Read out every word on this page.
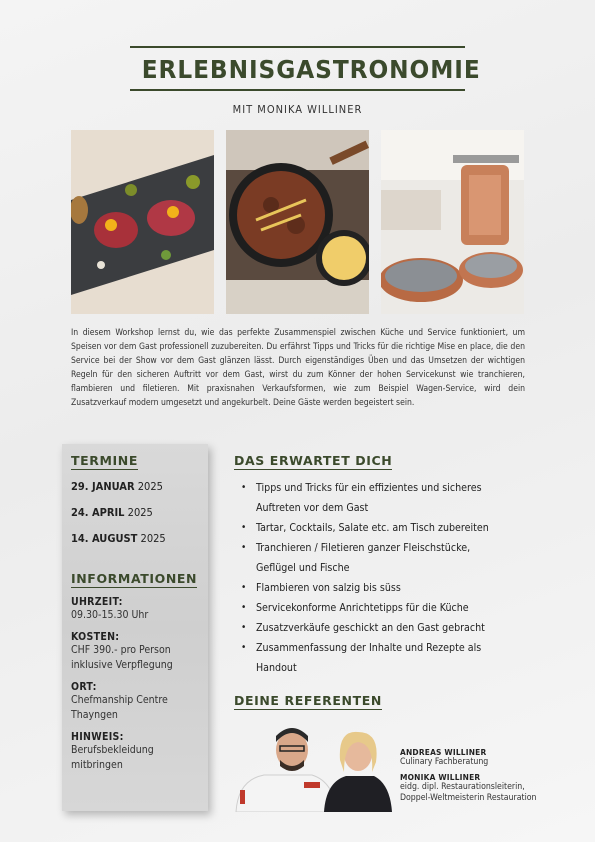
ERLEBNISGASTRONOMIE
MIT MONIKA WILLINER
In diesem Workshop lernst du, wie das perfekte Zusammenspiel zwischen Küche und Service funktioniert, um Speisen vor dem Gast professionell zuzubereiten. Du erfährst Tipps und Tricks für die richtige Mise en place, die den Service bei der Show vor dem Gast glänzen lässt. Durch eigenständiges Üben und das Umsetzen der wichtigen Regeln für den sicheren Auftritt vor dem Gast, wirst du zum Könner der hohen Servicekunst wie tranchieren, flambieren und filetieren. Mit praxisnahen Verkaufsformen, wie zum Beispiel Wagen-Service, wird dein Zusatzverkauf modern umgesetzt und angekurbelt. Deine Gäste werden begeistert sein.
TERMINE
29. JANUAR 2025
24. APRIL 2025
14. AUGUST 2025
INFORMATIONEN
UHRZEIT:
09.30-15.30 Uhr
KOSTEN:
CHF 390.- pro Person
inklusive Verpflegung
ORT:
Chefmanship Centre
Thayngen
HINWEIS:
Berufsbekleidung
mitbringen
DAS ERWARTET DICH
• Tipps und Tricks für ein effizientes und sicheres
Auftreten vor dem Gast
• Tartar, Cocktails, Salate etc. am Tisch zubereiten
• Tranchieren / Filetieren ganzer Fleischstücke,
Geflügel und Fische
• Flambieren von salzig bis süss
• Servicekonforme Anrichtetipps für die Küche
• Zusatzverkäufe geschickt an den Gast gebracht
• Zusammenfassung der Inhalte und Rezepte als
Handout
DEINE REFERENTEN
ANDREAS WILLINER
Culinary Fachberatung
MONIKA WILLINER
eidg. dipl. Restaurationsleiterin,
Doppel-Weltmeisterin Restauration
